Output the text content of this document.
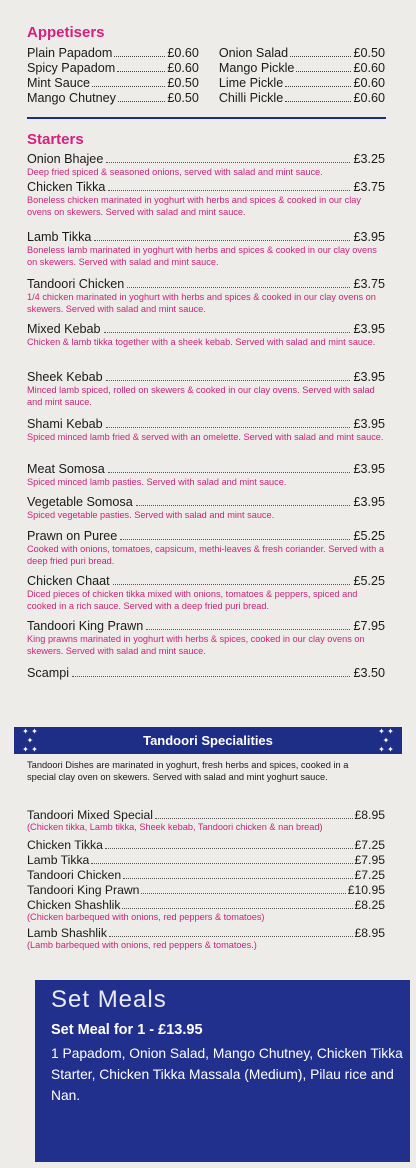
Appetisers
Plain Papadom	£0.60 Onion Salad	£0.50
Spicy Papadom	£0.60 Mango Pickle	£0.60
Mint Sauce	£0.50 Lime Pickle	£0.60
Mango Chutney	£0.50 Chilli Pickle	£0.60
Starters
Onion Bhajee	£3.25
Deep fried spiced & seasoned onions, served with salad and mint sauce.
Chicken Tikka	£3.75
Boneless chicken marinated in yoghurt with herbs and spices & cooked in our clay ovens on skewers. Served with salad and mint sauce.
Lamb Tikka	£3.95
Boneless lamb marinated in yoghurt with herbs and spices & cooked in our clay ovens on skewers. Served with salad and mint sauce.
Tandoori Chicken	£3.75
1/4 chicken marinated in yoghurt with herbs and spices & cooked in our clay ovens on skewers. Served with salad and mint sauce.
Mixed Kebab	£3.95
Chicken & lamb tikka together with a sheek kebab. Served with salad and mint sauce.
Sheek Kebab	£3.95
Minced lamb spiced, rolled on skewers & cooked in our clay ovens. Served with salad and mint sauce.
Shami Kebab	£3.95
Spiced minced lamb fried & served with an omelette. Served with salad and mint sauce.
Meat Somosa	£3.95
Spiced minced lamb pasties. Served with salad and mint sauce.
Vegetable Somosa	£3.95
Spiced vegetable pasties. Served with salad and mint sauce.
Prawn on Puree	£5.25
Cooked with onions, tomatoes, capsicum, methi-leaves & fresh coriander. Served with a deep fried puri bread.
Chicken Chaat	£5.25
Diced pieces of chicken tikka mixed with onions, tomatoes & peppers, spiced and cooked in a rich sauce. Served with a deep fried puri bread.
Tandoori King Prawn	£7.95
King prawns marinated in yoghurt with herbs & spices, cooked in our clay ovens on skewers. Served with salad and mint sauce.
Scampi	£3.50
✦ ✦
✦
✦ ✦
Tandoori Specialities
✦ ✦
✦
✦ ✦
Tandoori Dishes are marinated in yoghurt, fresh herbs and spices, cooked in a special clay oven on skewers. Served with salad and mint yoghurt sauce.
Tandoori Mixed Special	£8.95
(Chicken tikka, Lamb tikka, Sheek kebab, Tandoori chicken & nan bread)
Chicken Tikka	£7.25
Lamb Tikka	£7.95
Tandoori Chicken	£7.25
Tandoori King Prawn	£10.95
Chicken Shashlik	£8.25
(Chicken barbequed with onions, red peppers & tomatoes)
Lamb Shashlik	£8.95
(Lamb barbequed with onions, red peppers & tomatoes.)
Set Meals
Set Meal for 1 - £13.95
1 Papadom, Onion Salad, Mango Chutney, Chicken Tikka Starter, Chicken Tikka Massala (Medium), Pilau rice and Nan.
